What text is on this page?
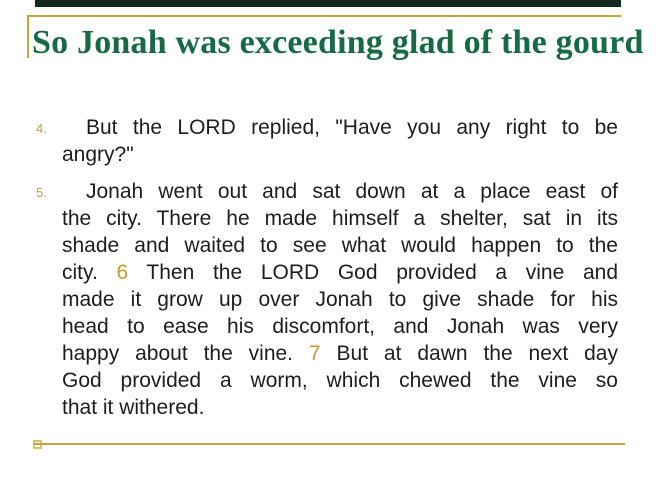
So Jonah was exceeding glad of the gourd
4.	But the LORD replied, "Have you any right to be
angry?"
5.	Jonah went out and sat down at a place east of
the city. There he made himself a shelter, sat in its
shade and waited to see what would happen to the
city. 6 Then the LORD God provided a vine and
made it grow up over Jonah to give shade for his
head to ease his discomfort, and Jonah was very
happy about the vine. 7 But at dawn the next day
God provided a worm, which chewed the vine so
that it withered.
